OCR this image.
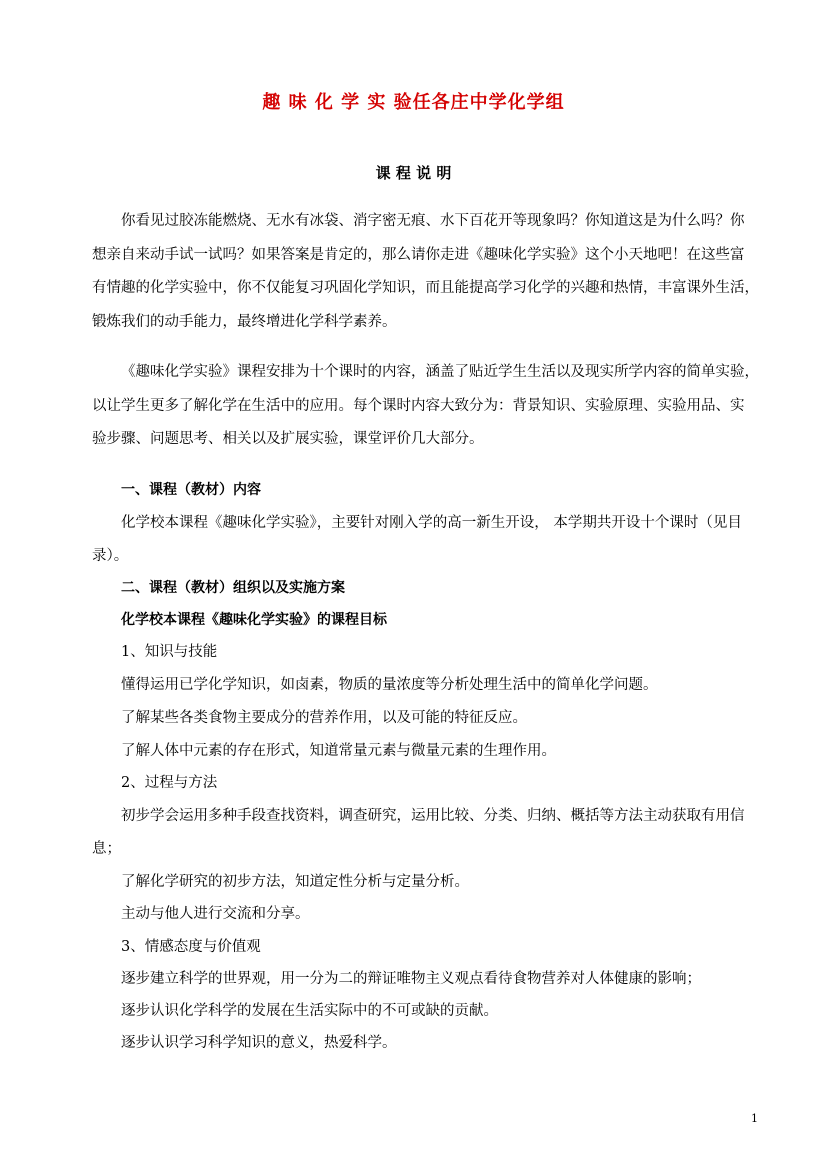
趣 味 化 学 实 验任各庄中学化学组
课 程 说 明
你看见过胶冻能燃烧、无水有冰袋、消字密无痕、水下百花开等现象吗？你知道这是为什么吗？你
想亲自来动手试一试吗？如果答案是肯定的，那么请你走进《趣味化学实验》这个小天地吧！在这些富
有情趣的化学实验中，你不仅能复习巩固化学知识，而且能提高学习化学的兴趣和热情，丰富课外生活，
锻炼我们的动手能力，最终增进化学科学素养。
《趣味化学实验》课程安排为十个课时的内容，涵盖了贴近学生生活以及现实所学内容的简单实验，
以让学生更多了解化学在生活中的应用。每个课时内容大致分为：背景知识、实验原理、实验用品、实
验步骤、问题思考、相关以及扩展实验，课堂评价几大部分。
一、课程（教材）内容
化学校本课程《趣味化学实验》，主要针对刚入学的高一新生开设， 本学期共开设十个课时（见目
录）。
二、课程（教材）组织以及实施方案
化学校本课程《趣味化学实验》的课程目标
1、知识与技能
懂得运用已学化学知识，如卤素，物质的量浓度等分析处理生活中的简单化学问题。
了解某些各类食物主要成分的营养作用，以及可能的特征反应。
了解人体中元素的存在形式，知道常量元素与微量元素的生理作用。
2、过程与方法
初步学会运用多种手段查找资料，调查研究，运用比较、分类、归纳、概括等方法主动获取有用信
息；
了解化学研究的初步方法，知道定性分析与定量分析。
主动与他人进行交流和分享。
3、情感态度与价值观
逐步建立科学的世界观，用一分为二的辩证唯物主义观点看待食物营养对人体健康的影响；
逐步认识化学科学的发展在生活实际中的不可或缺的贡献。
逐步认识学习科学知识的意义，热爱科学。
1
